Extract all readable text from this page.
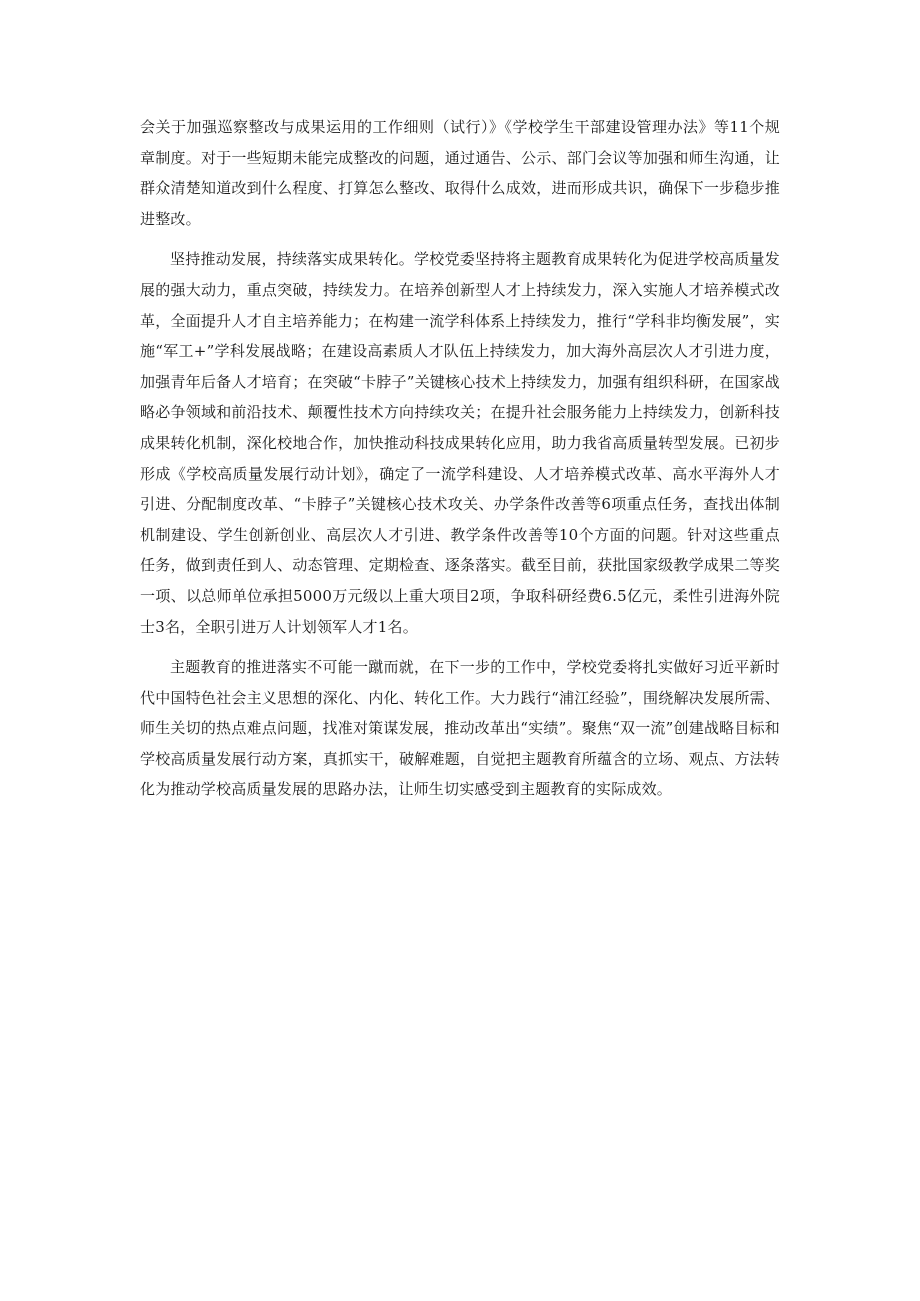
会关于加强巡察整改与成果运用的工作细则（试行）》《学校学生干部建设管理办法》等11个规章制度。对于一些短期未能完成整改的问题，通过通告、公示、部门会议等加强和师生沟通，让群众清楚知道改到什么程度、打算怎么整改、取得什么成效，进而形成共识，确保下一步稳步推进整改。

坚持推动发展，持续落实成果转化。学校党委坚持将主题教育成果转化为促进学校高质量发展的强大动力，重点突破，持续发力。在培养创新型人才上持续发力，深入实施人才培养模式改革，全面提升人才自主培养能力；在构建一流学科体系上持续发力，推行“学科非均衡发展”，实施“军工+”学科发展战略；在建设高素质人才队伍上持续发力，加大海外高层次人才引进力度，加强青年后备人才培育；在突破“卡脖子”关键核心技术上持续发力，加强有组织科研，在国家战略必争领域和前沿技术、颠覆性技术方向持续攻关；在提升社会服务能力上持续发力，创新科技成果转化机制，深化校地合作，加快推动科技成果转化应用，助力我省高质量转型发展。已初步形成《学校高质量发展行动计划》，确定了一流学科建设、人才培养模式改革、高水平海外人才引进、分配制度改革、“卡脖子”关键核心技术攻关、办学条件改善等6项重点任务，查找出体制机制建设、学生创新创业、高层次人才引进、教学条件改善等10个方面的问题。针对这些重点任务，做到责任到人、动态管理、定期检查、逐条落实。截至目前，获批国家级教学成果二等奖一项、以总师单位承担5000万元级以上重大项目2项，争取科研经费6.5亿元，柔性引进海外院士3名，全职引进万人计划领军人才1名。

主题教育的推进落实不可能一蹴而就，在下一步的工作中，学校党委将扎实做好习近平新时代中国特色社会主义思想的深化、内化、转化工作。大力践行“浦江经验”，围绕解决发展所需、师生关切的热点难点问题，找准对策谋发展，推动改革出“实绩”。聚焦“双一流”创建战略目标和学校高质量发展行动方案，真抓实干，破解难题，自觉把主题教育所蕴含的立场、观点、方法转化为推动学校高质量发展的思路办法，让师生切实感受到主题教育的实际成效。
